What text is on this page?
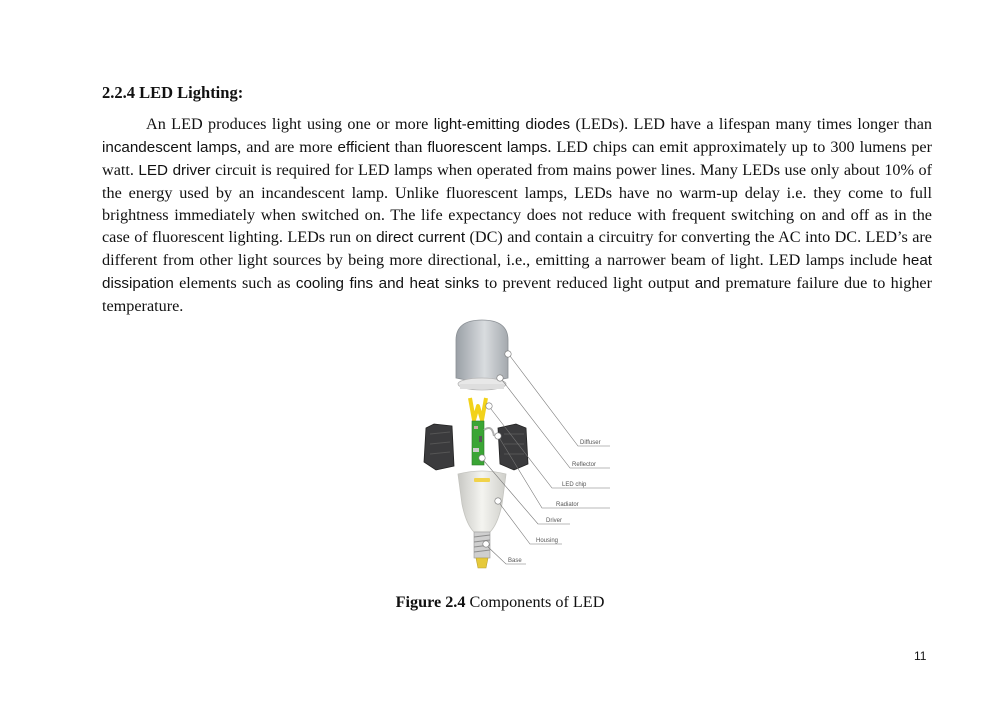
2.2.4 LED Lighting:

An LED produces light using one or more light-emitting diodes (LEDs). LED have a lifespan many times longer than incandescent lamps, and are more efficient than fluorescent lamps. LED chips can emit approximately up to 300 lumens per watt. LED driver circuit is required for LED lamps when operated from mains power lines. Many LEDs use only about 10% of the energy used by an incandescent lamp. Unlike fluorescent lamps, LEDs have no warm-up delay i.e. they come to full brightness immediately when switched on. The life expectancy does not reduce with frequent switching on and off as in the case of fluorescent lighting. LEDs run on direct current (DC) and contain a circuitry for converting the AC into DC. LED’s are different from other light sources by being more directional, i.e., emitting a narrower beam of light. LED lamps include heat dissipation elements such as cooling fins and heat sinks to prevent reduced light output and premature failure due to higher temperature.

Diffuser
Reflector
LED chip
Radiator
Driver
Housing
Base

Figure 2.4 Components of LED

11
